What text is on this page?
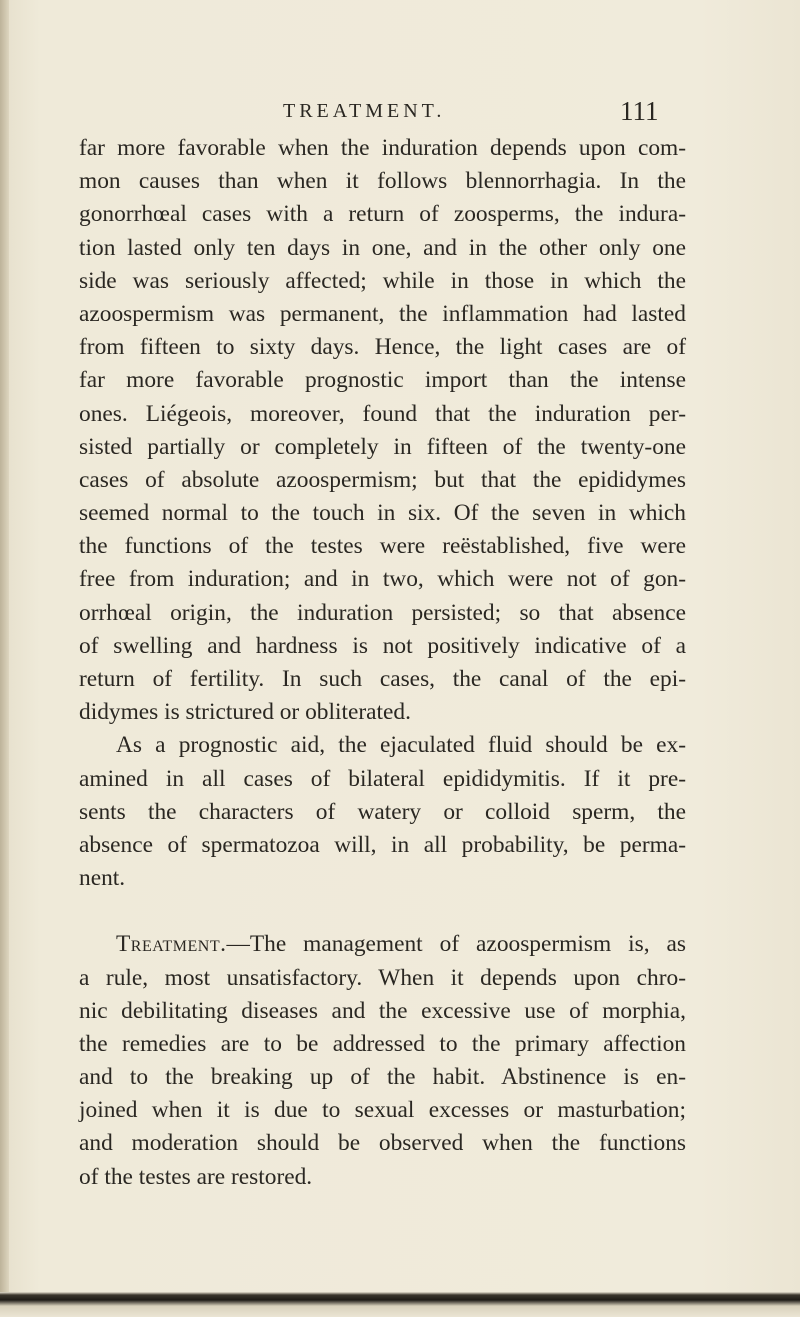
TREATMENT.	111
far more favorable when the induration depends upon com-
mon causes than when it follows blennorrhagia. In the
gonorrhœal cases with a return of zoosperms, the indura-
tion lasted only ten days in one, and in the other only one
side was seriously affected; while in those in which the
azoospermism was permanent, the inflammation had lasted
from fifteen to sixty days. Hence, the light cases are of
far more favorable prognostic import than the intense
ones. Liégeois, moreover, found that the induration per-
sisted partially or completely in fifteen of the twenty-one
cases of absolute azoospermism; but that the epididymes
seemed normal to the touch in six. Of the seven in which
the functions of the testes were reëstablished, five were
free from induration; and in two, which were not of gon-
orrhœal origin, the induration persisted; so that absence
of swelling and hardness is not positively indicative of a
return of fertility. In such cases, the canal of the epi-
didymes is strictured or obliterated.
As a prognostic aid, the ejaculated fluid should be ex-
amined in all cases of bilateral epididymitis. If it pre-
sents the characters of watery or colloid sperm, the
absence of spermatozoa will, in all probability, be perma-
nent.
Treatment.—The management of azoospermism is, as
a rule, most unsatisfactory. When it depends upon chro-
nic debilitating diseases and the excessive use of morphia,
the remedies are to be addressed to the primary affection
and to the breaking up of the habit. Abstinence is en-
joined when it is due to sexual excesses or masturbation;
and moderation should be observed when the functions
of the testes are restored.
